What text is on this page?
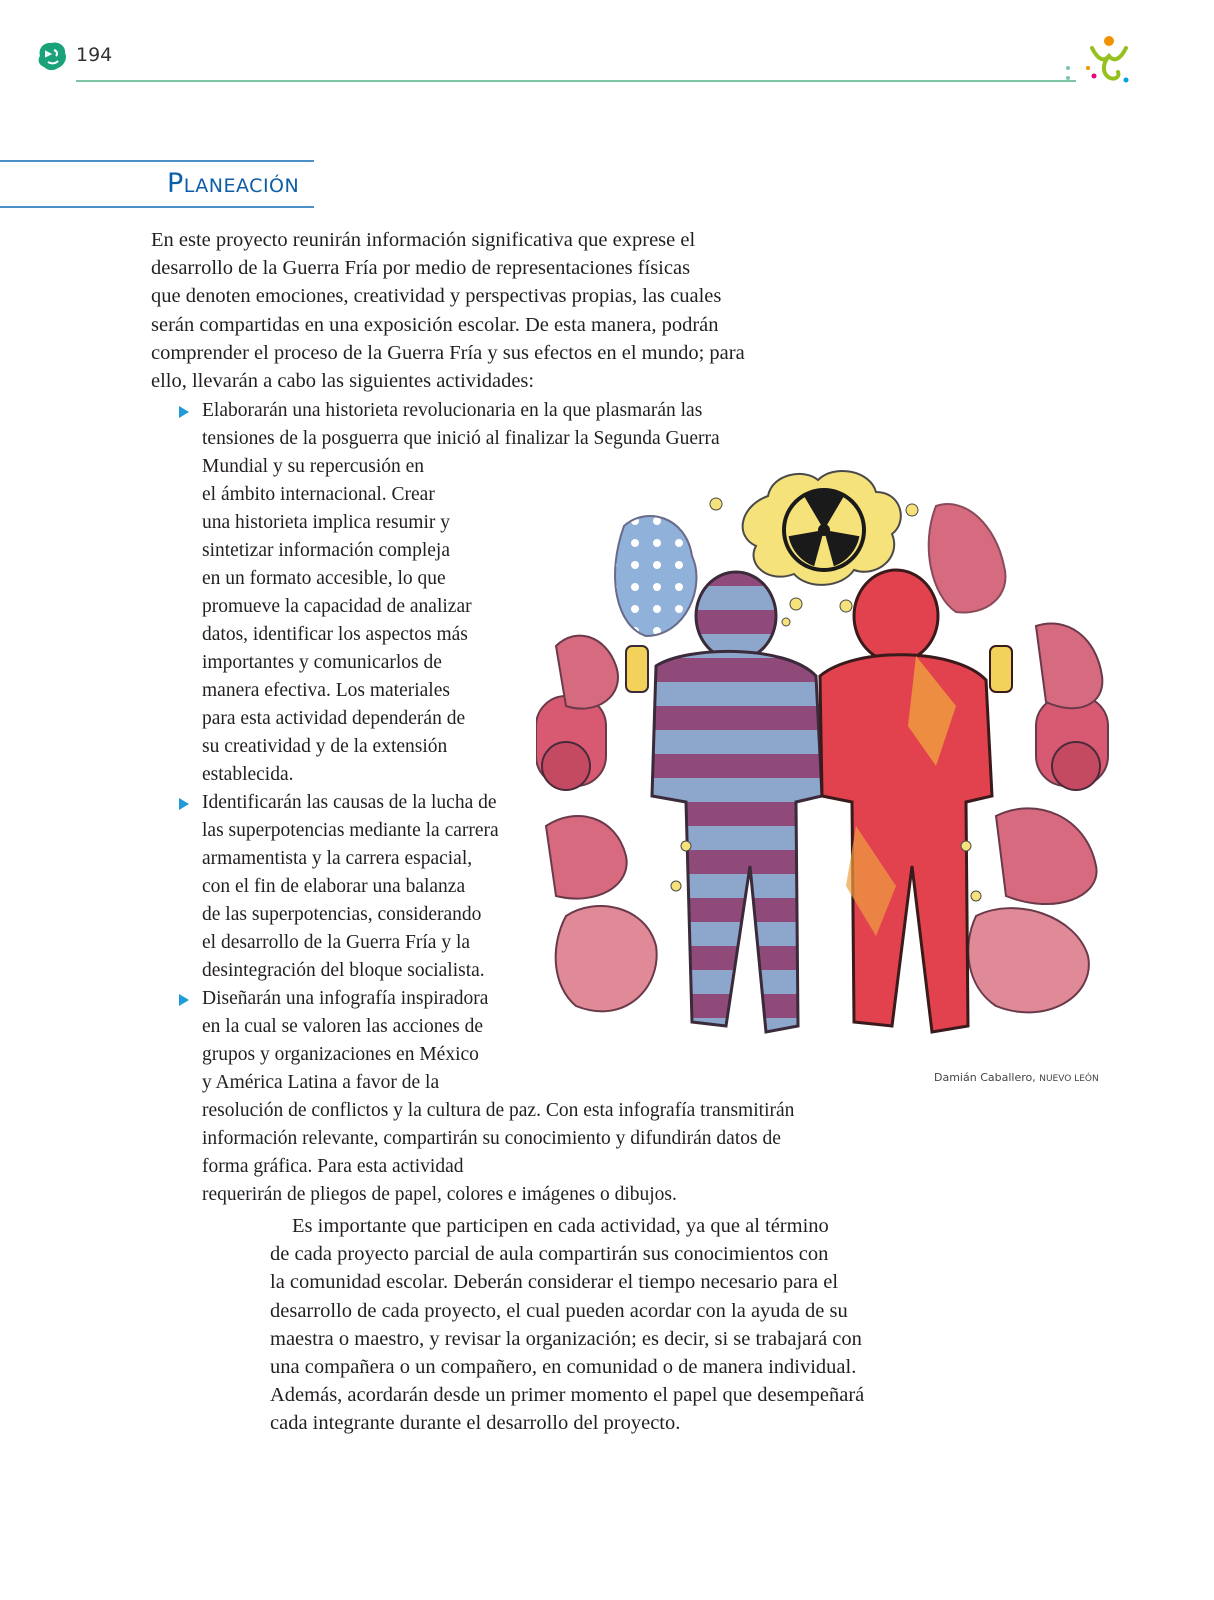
194
Planeación

En este proyecto reunirán información significativa que exprese el
desarrollo de la Guerra Fría por medio de representaciones físicas
que denoten emociones, creatividad y perspectivas propias, las cuales
serán compartidas en una exposición escolar. De esta manera, podrán
comprender el proceso de la Guerra Fría y sus efectos en el mundo; para
ello, llevarán a cabo las siguientes actividades:

Elaborarán una historieta revolucionaria en la que plasmarán las
tensiones de la posguerra que inició al finalizar la Segunda Guerra
Mundial y su repercusión en
el ámbito internacional. Crear
una historieta implica resumir y
sintetizar información compleja
en un formato accesible, lo que
promueve la capacidad de analizar
datos, identificar los aspectos más
importantes y comunicarlos de
manera efectiva. Los materiales
para esta actividad dependerán de
su creatividad y de la extensión
establecida.
Identificarán las causas de la lucha de
las superpotencias mediante la carrera
armamentista y la carrera espacial,
con el fin de elaborar una balanza
de las superpotencias, considerando
el desarrollo de la Guerra Fría y la
desintegración del bloque socialista.
Diseñarán una infografía inspiradora
en la cual se valoren las acciones de
grupos y organizaciones en México
y América Latina a favor de la
resolución de conflictos y la cultura de paz. Con esta infografía transmitirán
información relevante, compartirán su conocimiento y difundirán datos de
forma gráfica. Para esta actividad
requerirán de pliegos de papel, colores e imágenes o dibujos.
Damián Caballero, NUEVO LEÓN

Es importante que participen en cada actividad, ya que al término
de cada proyecto parcial de aula compartirán sus conocimientos con
la comunidad escolar. Deberán considerar el tiempo necesario para el
desarrollo de cada proyecto, el cual pueden acordar con la ayuda de su
maestra o maestro, y revisar la organización; es decir, si se trabajará con
una compañera o un compañero, en comunidad o de manera individual.
Además, acordarán desde un primer momento el papel que desempeñará
cada integrante durante el desarrollo del proyecto.
